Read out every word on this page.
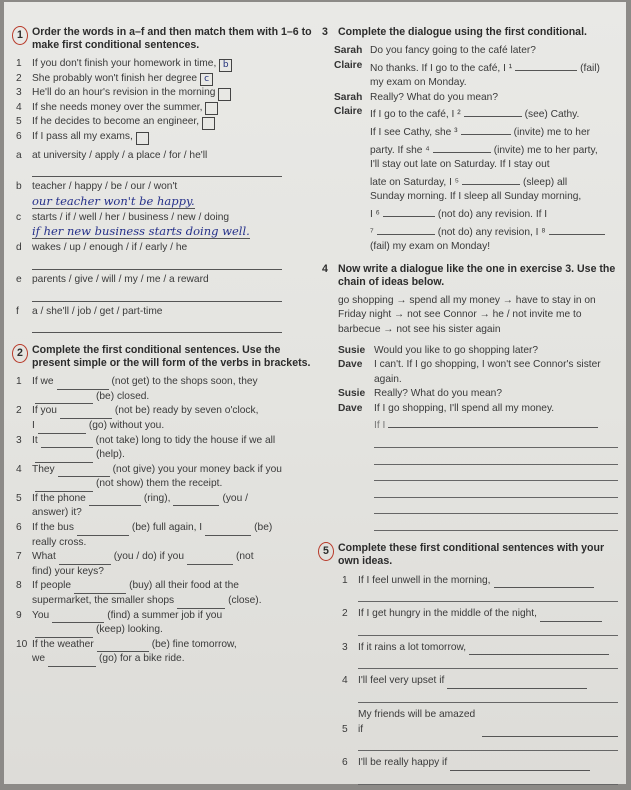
1 Order the words in a–f and then match them with 1–6 to make first conditional sentences.
1	If you don't finish your homework in time, b
2	She probably won't finish her degree c
3	He'll do an hour's revision in the morning
4	If she needs money over the summer,
5	If he decides to become an engineer,
6	If I pass all my exams,
a	at university / apply / a place / for / he'll
b	teacher / happy / be / our / won't
our teacher won't be happy.
c	starts / if / well / her / business / new / doing
if her new business starts doing well.
d	wakes / up / enough / if / early / he
e	parents / give / will / my / me / a reward
f	a / she'll / job / get / part-time
2 Complete the first conditional sentences. Use the present simple or the will form of the verbs in brackets.
1	If we	(not get) to the shops soon, they
(be) closed.
2	If you	(not be) ready by seven o'clock,
I	(go) without you.
3	It	(not take) long to tidy the house if we all
(help).
4	They	(not give) you your money back if you
(not show) them the receipt.
5	If the phone	(ring),	(you /
answer) it?
6	If the bus	(be) full again, I	(be)
really cross.
7	What	(you / do) if you	(not
find) your keys?
8	If people	(buy) all their food at the
supermarket, the smaller shops	(close).
9	You	(find) a summer job if you
(keep) looking.
10 If the weather	(be) fine tomorrow,
we	(go) for a bike ride.
3 Complete the dialogue using the first conditional.
Sarah Do you fancy going to the café later?
Claire No thanks. If I go to the café, I ¹	(fail)
my exam on Monday.
Sarah Really? What do you mean?
Claire If I go to the café, I ²	(see) Cathy.
If I see Cathy, she ³	(invite) me to her
party. If she ⁴	(invite) me to her party,
I'll stay out late on Saturday. If I stay out
late on Saturday, I ⁵	(sleep) all
Sunday morning. If I sleep all Sunday morning,
I ⁶	(not do) any revision. If I
⁷	(not do) any revision, I ⁸
(fail) my exam on Monday!
4 Now write a dialogue like the one in exercise 3. Use the chain of ideas below.
go shopping → spend all my money → have to stay in on Friday night → not see Connor → he / not invite me to barbecue → not see his sister again
Susie Would you like to go shopping later?
Dave	I can't. If I go shopping, I won't see Connor's sister again.
Susie Really? What do you mean?
Dave	If I go shopping, I'll spend all my money.
If I
5 Complete these first conditional sentences with your own ideas.
1	If I feel unwell in the morning,
2	If I get hungry in the middle of the night,
3	If it rains a lot tomorrow,
4	I'll feel very upset if
5
My friends will be amazed if
6	I'll be really happy if
